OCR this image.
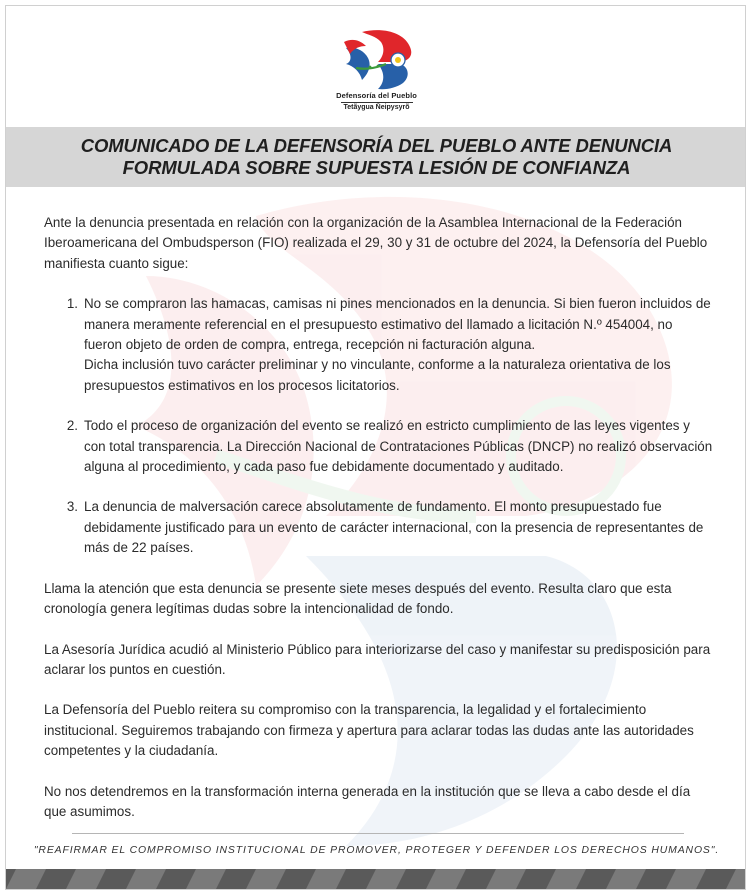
Defensoría del Pueblo
Tetãygua Ñeipysyrõ
COMUNICADO DE LA DEFENSORÍA DEL PUEBLO ANTE DENUNCIA
FORMULADA SOBRE SUPUESTA LESIÓN DE CONFIANZA

Ante la denuncia presentada en relación con la organización de la Asamblea Internacional de la Federación Iberoamericana del Ombudsperson (FIO) realizada el 29, 30 y 31 de octubre del 2024, la Defensoría del Pueblo manifiesta cuanto sigue:

1. No se compraron las hamacas, camisas ni pines mencionados en la denuncia. Si bien fueron incluidos de manera meramente referencial en el presupuesto estimativo del llamado a licitación N.º 454004, no fueron objeto de orden de compra, entrega, recepción ni facturación alguna.

Dicha inclusión tuvo carácter preliminar y no vinculante, conforme a la naturaleza orientativa de los presupuestos estimativos en los procesos licitatorios.

2. Todo el proceso de organización del evento se realizó en estricto cumplimiento de las leyes vigentes y con total transparencia. La Dirección Nacional de Contrataciones Públicas (DNCP) no realizó observación alguna al procedimiento, y cada paso fue debidamente documentado y auditado.

3. La denuncia de malversación carece absolutamente de fundamento. El monto presupuestado fue debidamente justificado para un evento de carácter internacional, con la presencia de representantes de más de 22 países.

Llama la atención que esta denuncia se presente siete meses después del evento. Resulta claro que esta cronología genera legítimas dudas sobre la intencionalidad de fondo.

La Asesoría Jurídica acudió al Ministerio Público para interiorizarse del caso y manifestar su predisposición para aclarar los puntos en cuestión.

La Defensoría del Pueblo reitera su compromiso con la transparencia, la legalidad y el fortalecimiento institucional. Seguiremos trabajando con firmeza y apertura para aclarar todas las dudas ante las autoridades competentes y la ciudadanía.

No nos detendremos en la transformación interna generada en la institución que se lleva a cabo desde el día que asumimos.

"REAFIRMAR EL COMPROMISO INSTITUCIONAL DE PROMOVER, PROTEGER Y DEFENDER LOS DERECHOS HUMANOS".
